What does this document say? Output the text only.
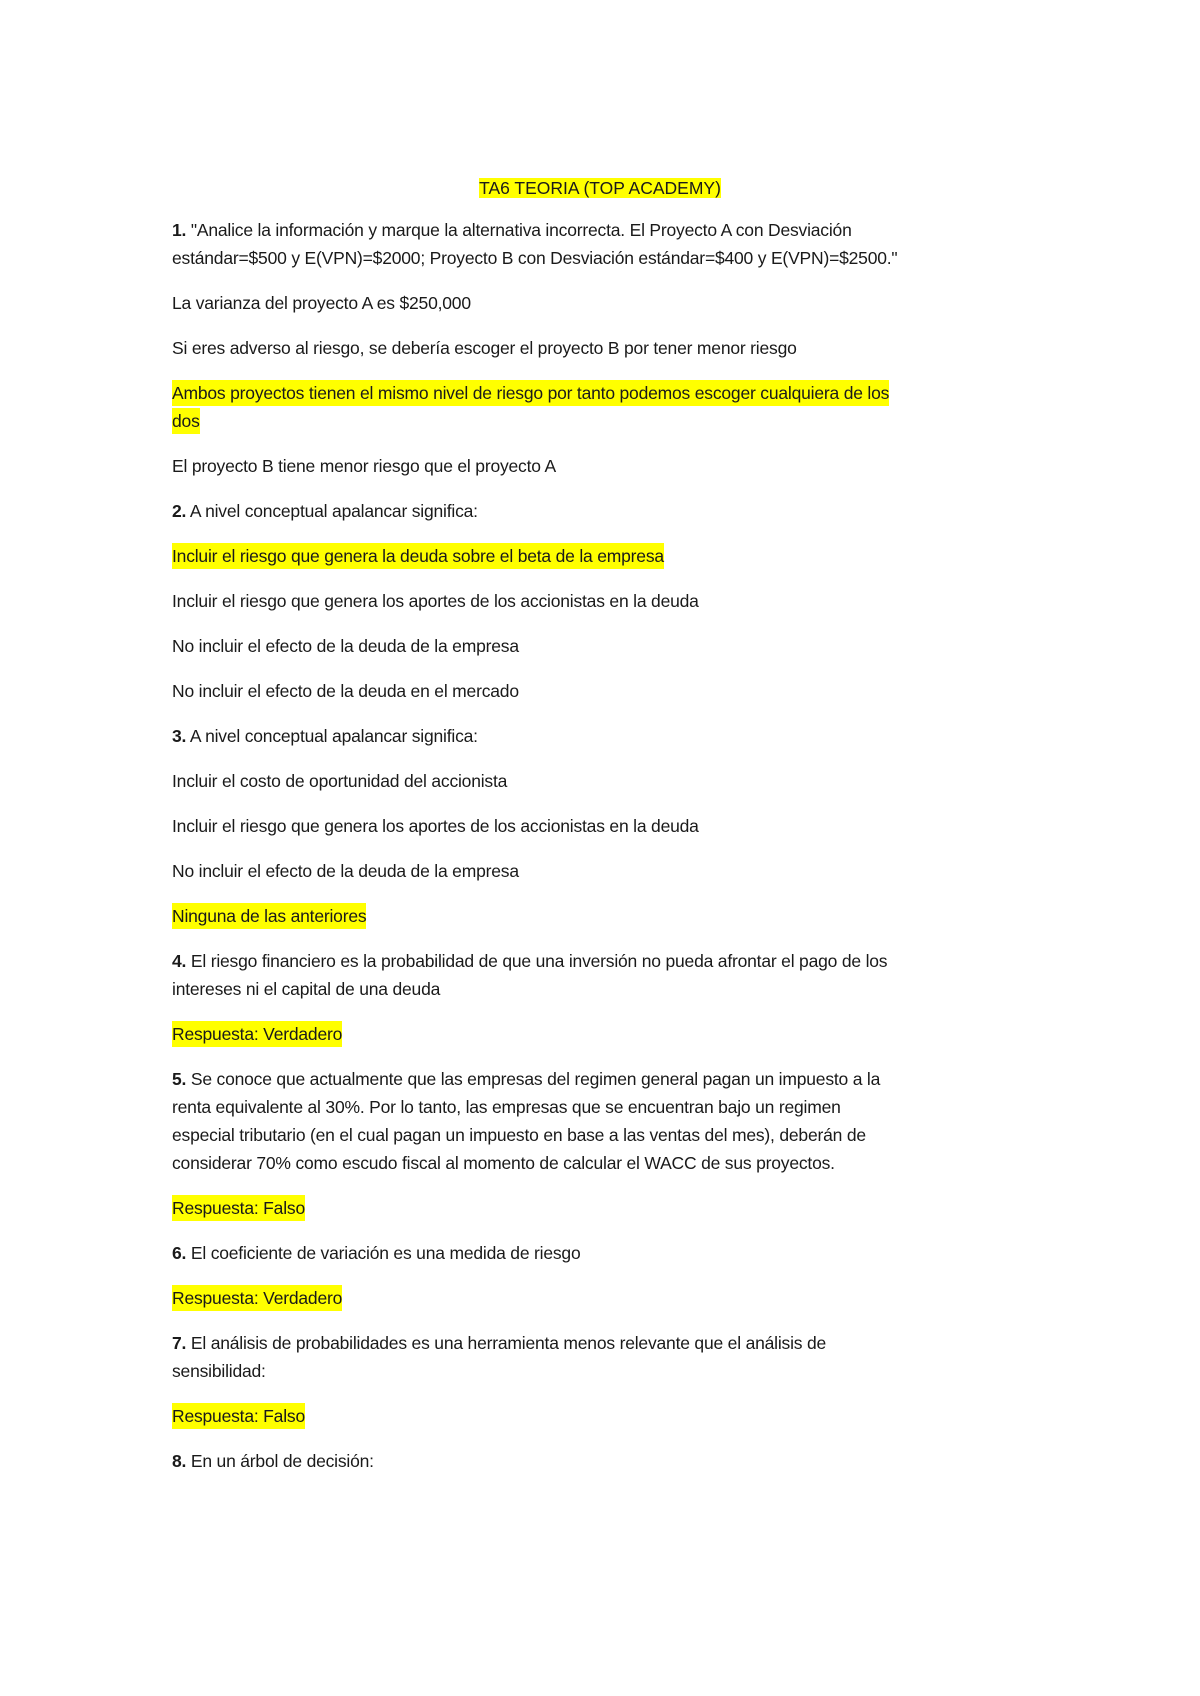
TA6 TEORIA (TOP ACADEMY)
1. "Analice la información y marque la alternativa incorrecta. El Proyecto A con Desviación
estándar=$500 y E(VPN)=$2000; Proyecto B con Desviación estándar=$400 y E(VPN)=$2500."
La varianza del proyecto A es $250,000
Si eres adverso al riesgo, se debería escoger el proyecto B por tener menor riesgo
Ambos proyectos tienen el mismo nivel de riesgo por tanto podemos escoger cualquiera de los
dos
El proyecto B tiene menor riesgo que el proyecto A
2. A nivel conceptual apalancar significa:
Incluir el riesgo que genera la deuda sobre el beta de la empresa
Incluir el riesgo que genera los aportes de los accionistas en la deuda
No incluir el efecto de la deuda de la empresa
No incluir el efecto de la deuda en el mercado
3. A nivel conceptual apalancar significa:
Incluir el costo de oportunidad del accionista
Incluir el riesgo que genera los aportes de los accionistas en la deuda
No incluir el efecto de la deuda de la empresa
Ninguna de las anteriores
4. El riesgo financiero es la probabilidad de que una inversión no pueda afrontar el pago de los
intereses ni el capital de una deuda
Respuesta: Verdadero
5. Se conoce que actualmente que las empresas del regimen general pagan un impuesto a la
renta equivalente al 30%. Por lo tanto, las empresas que se encuentran bajo un regimen
especial tributario (en el cual pagan un impuesto en base a las ventas del mes), deberán de
considerar 70% como escudo fiscal al momento de calcular el WACC de sus proyectos.
Respuesta: Falso
6. El coeficiente de variación es una medida de riesgo
Respuesta: Verdadero
7. El análisis de probabilidades es una herramienta menos relevante que el análisis de
sensibilidad:
Respuesta: Falso
8. En un árbol de decisión:
